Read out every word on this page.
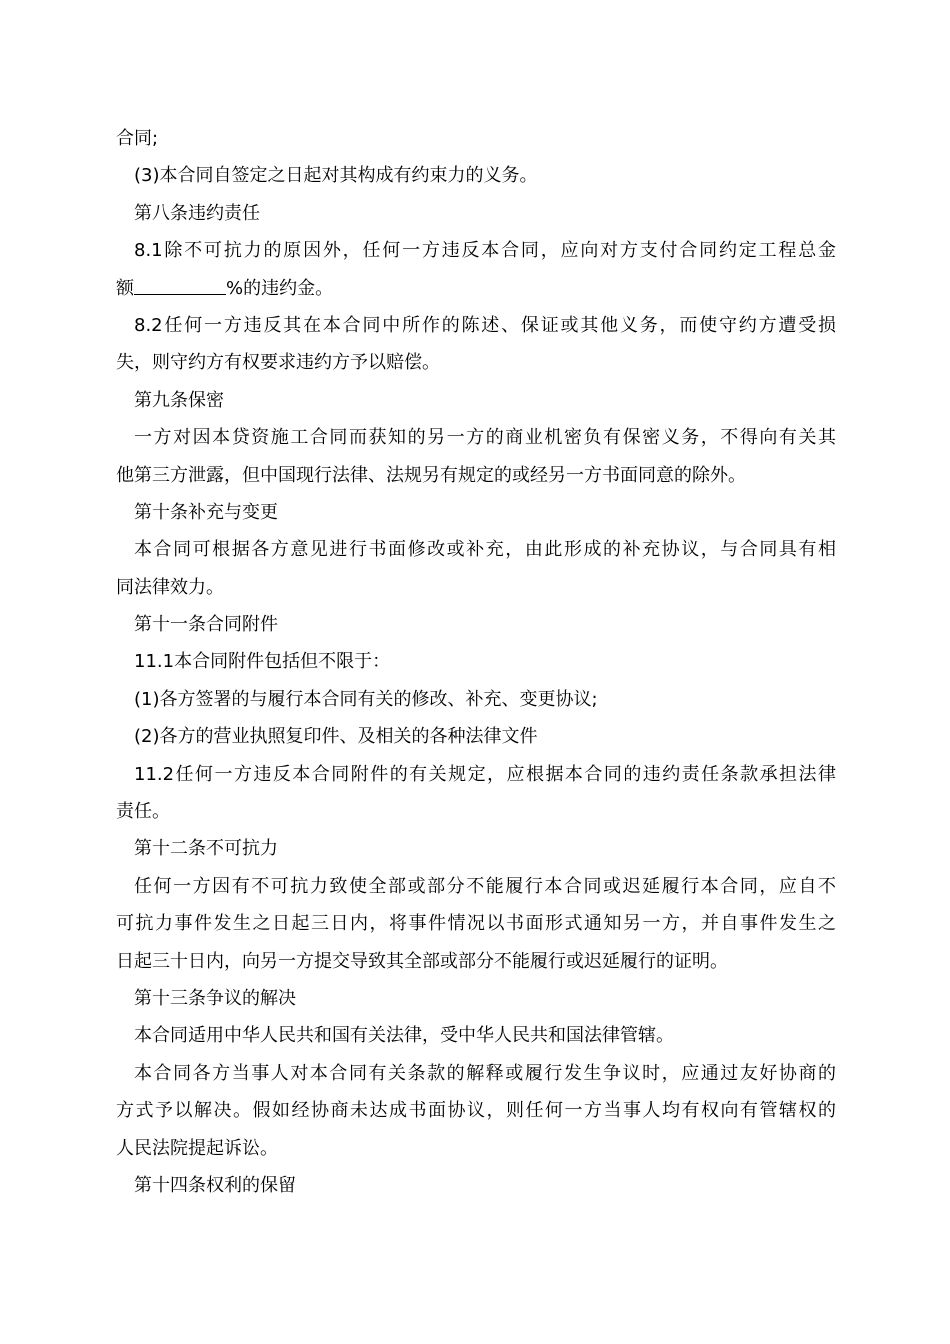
合同;
(3)本合同自签定之日起对其构成有约束力的义务。
第八条违约责任
8.1除不可抗力的原因外，任何一方违反本合同，应向对方支付合同约定工程总金
额	%的违约金。
8.2任何一方违反其在本合同中所作的陈述、保证或其他义务，而使守约方遭受损
失，则守约方有权要求违约方予以赔偿。
第九条保密
一方对因本贷资施工合同而获知的另一方的商业机密负有保密义务，不得向有关其
他第三方泄露，但中国现行法律、法规另有规定的或经另一方书面同意的除外。
第十条补充与变更
本合同可根据各方意见进行书面修改或补充，由此形成的补充协议，与合同具有相
同法律效力。
第十一条合同附件
11.1本合同附件包括但不限于：
(1)各方签署的与履行本合同有关的修改、补充、变更协议;
(2)各方的营业执照复印件、及相关的各种法律文件
11.2任何一方违反本合同附件的有关规定，应根据本合同的违约责任条款承担法律
责任。
第十二条不可抗力
任何一方因有不可抗力致使全部或部分不能履行本合同或迟延履行本合同，应自不
可抗力事件发生之日起三日内，将事件情况以书面形式通知另一方，并自事件发生之
日起三十日内，向另一方提交导致其全部或部分不能履行或迟延履行的证明。
第十三条争议的解决
本合同适用中华人民共和国有关法律，受中华人民共和国法律管辖。
本合同各方当事人对本合同有关条款的解释或履行发生争议时，应通过友好协商的
方式予以解决。假如经协商未达成书面协议，则任何一方当事人均有权向有管辖权的
人民法院提起诉讼。
第十四条权利的保留
